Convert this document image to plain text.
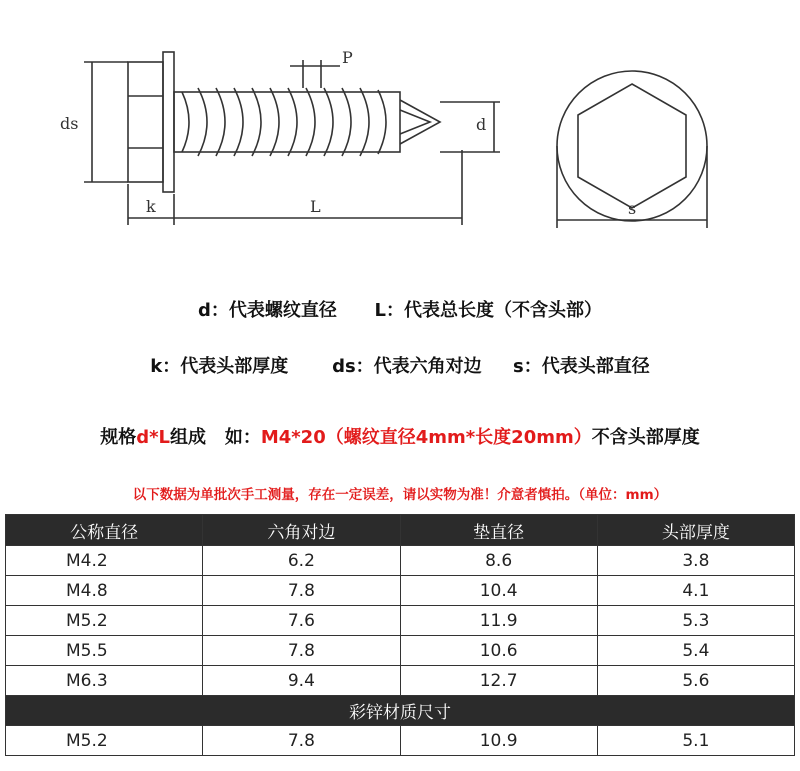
ds
k	L
P
d
s
d：代表螺纹直径      L：代表总长度（不含头部）
k：代表头部厚度       ds：代表六角对边     s：代表头部直径
规格d*L组成   如：M4*20（螺纹直径4mm*长度20mm）不含头部厚度
以下数据为单批次手工测量，存在一定误差，请以实物为准！介意者慎拍。（单位：mm）
公称直径	六角对边	垫直径	头部厚度
M4.2	6.2	8.6	3.8
M4.8	7.8	10.4	4.1
M5.2	7.6	11.9	5.3
M5.5	7.8	10.6	5.4
M6.3	9.4	12.7	5.6
彩锌材质尺寸			
M5.2	7.8	10.9	5.1
